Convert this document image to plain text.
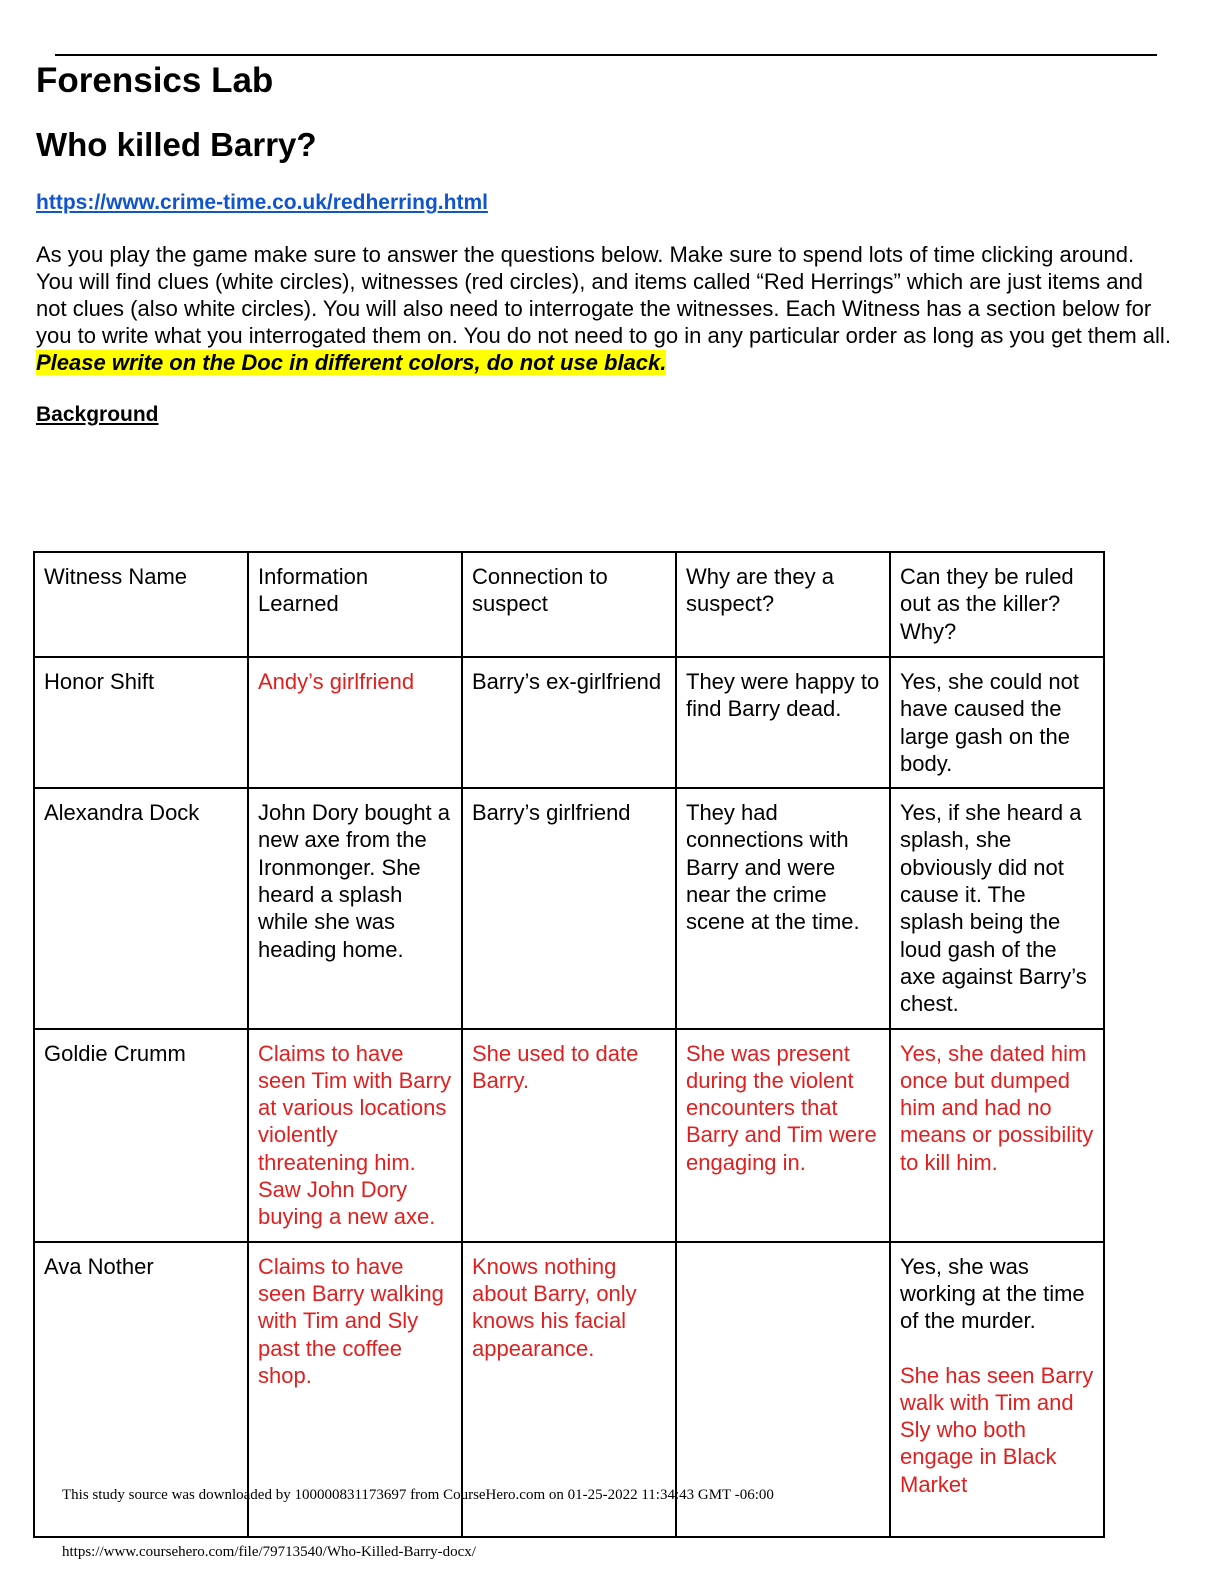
Forensics Lab
Who killed Barry?
https://www.crime-time.co.uk/redherring.html

As you play the game make sure to answer the questions below. Make sure to spend lots of time clicking around. You will find clues (white circles), witnesses (red circles), and items called “Red Herrings” which are just items and not clues (also white circles). You will also need to interrogate the witnesses. Each Witness has a section below for you to write what you interrogated them on. You do not need to go in any particular order as long as you get them all. Please write on the Doc in different colors, do not use black.

Background
Witness Name	Information Learned	Connection to suspect	Why are they a suspect?	Can they be ruled out as the killer? Why?
Honor Shift	Andy’s girlfriend	Barry’s ex-girlfriend	They were happy to find Barry dead.	Yes, she could not have caused the large gash on the body.
Alexandra Dock	John Dory bought a new axe from the Ironmonger. She heard a splash while she was heading home.	Barry’s girlfriend	They had connections with Barry and were near the crime scene at the time.	Yes, if she heard a splash, she obviously did not cause it. The splash being the loud gash of the axe against Barry’s chest.
Goldie Crumm	Claims to have seen Tim with Barry at various locations violently threatening him. Saw John Dory buying a new axe.	She used to date Barry.	She was present during the violent encounters that Barry and Tim were engaging in.	Yes, she dated him once but dumped him and had no means or possibility to kill him.
Ava Nother	Claims to have seen Barry walking with Tim and Sly past the coffee shop.	Knows nothing about Barry, only knows his facial appearance.		Yes, she was working at the time of the murder.
She has seen Barry walk with Tim and Sly who both engage in Black Market
This study source was downloaded by 100000831173697 from CourseHero.com on 01-25-2022 11:34:43 GMT -06:00
https://www.coursehero.com/file/79713540/Who-Killed-Barry-docx/
